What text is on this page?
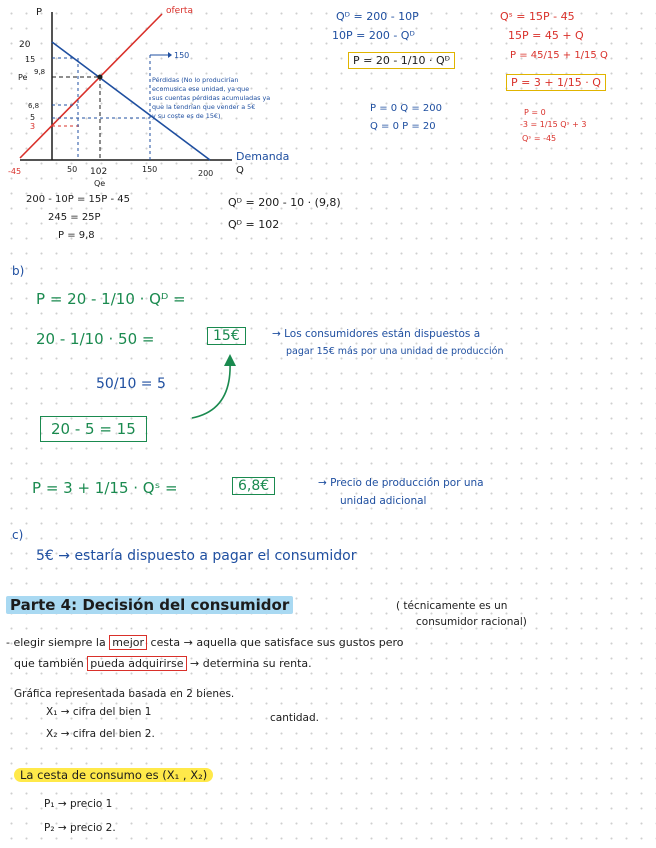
P
Q
20
15
Pe
9,8
6,8
5
3
-45	50 102
Qe
150	200
oferta
Demanda
150
Pérdidas (No lo producirían
ecomusica ese unidad, ya que
sus cuentas pérdidas acumuladas ya
que la tendrían que vender a 5€
y su coste es de 15€)
Qᴰ = 200 - 10P
10P = 200 - Qᴰ
P = 20 - 1/10 · Qᴰ
P = 0 Q = 200
Q = 0 P = 20
Qˢ = 15P - 45
15P = 45 + Q
P = 45/15 + 1/15 Q
P = 3 + 1/15 · Q
P = 0
-3 = 1/15 Qˢ + 3
Qˢ = -45
200 - 10P = 15P - 45
245 = 25P
P = 9,8
Qᴰ = 200 - 10 · (9,8)
Qᴰ = 102
b)
P = 20 - 1/10 · Qᴰ =
20 - 1/10 · 50 =	15€	→ Los consumidores están dispuestos a
pagar 15€ más por una unidad de producción
50/10 = 5
20 - 5 = 15
P = 3 + 1/15 · Qˢ =	6,8€	→ Precio de producción por una
unidad adicional
c)
5€ → estaría dispuesto a pagar el consumidor
Parte 4: Decisión del consumidor	( técnicamente es un
consumidor racional)
- elegir siempre la mejor cesta → aquella que satisface sus gustos pero
que también pueda adquirirse → determina su renta.
Gráfica representada basada en 2 bienes.
X₁ → cifra del bien 1	cantidad.
X₂ → cifra del bien 2.
La cesta de consumo es (X₁ , X₂)
P₁ → precio 1
P₂ → precio 2.
